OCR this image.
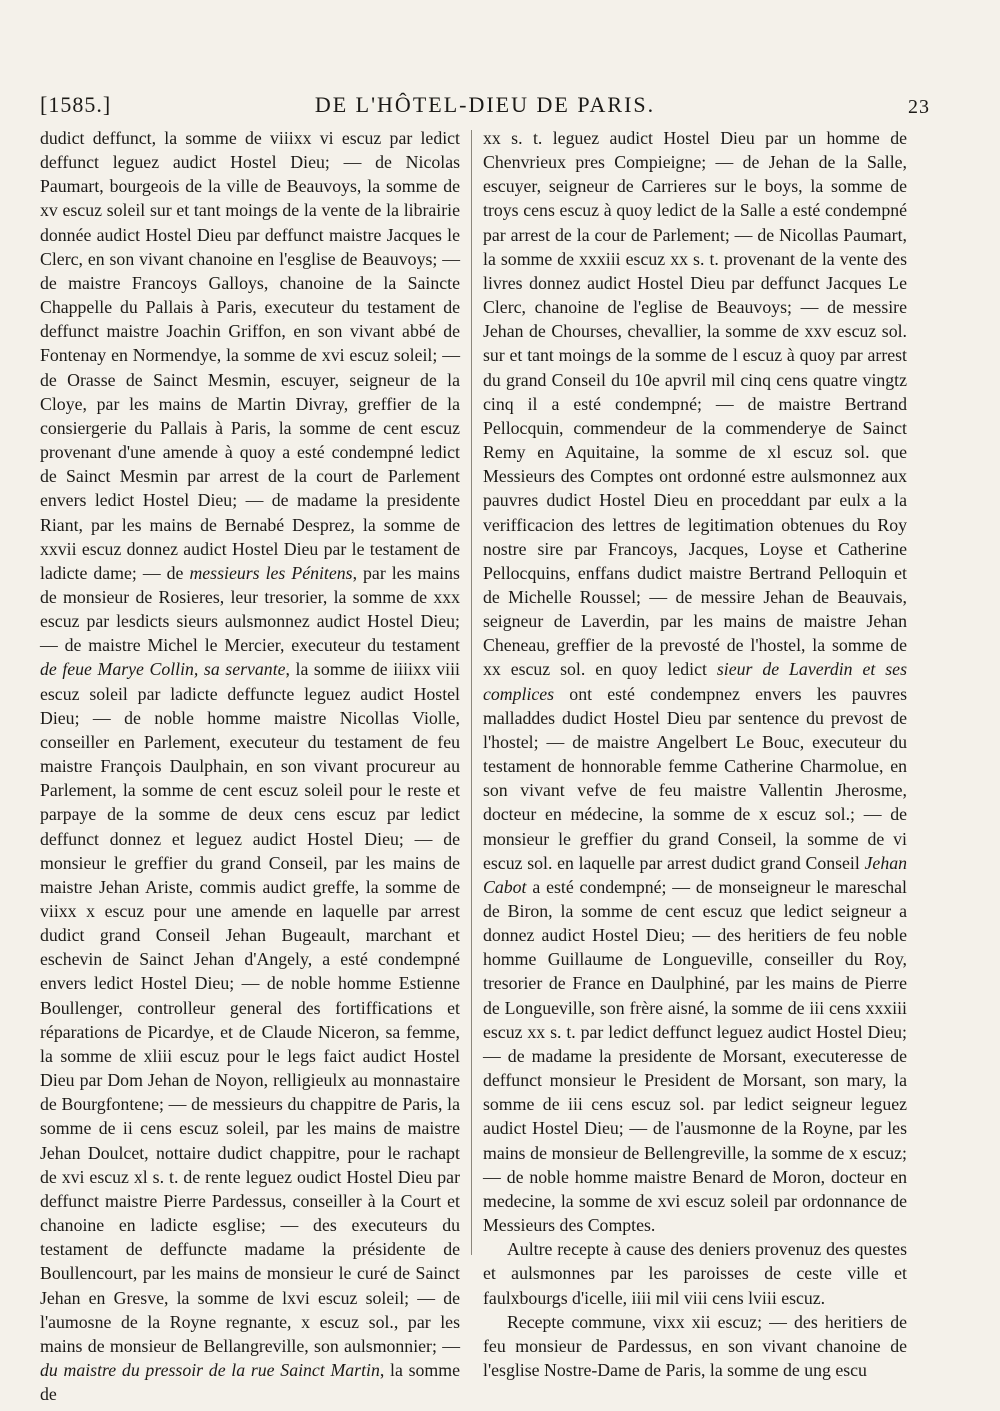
[1585.]	DE L'HÔTEL-DIEU DE PARIS.	23

dudict deffunct, la somme de viiixx vi escuz par ledict deffunct leguez audict Hostel Dieu; — de Nicolas Paumart, bourgeois de la ville de Beauvoys, la somme de xv escuz soleil sur et tant moings de la vente de la librairie donnée audict Hostel Dieu par deffunct maistre Jacques le Clerc, en son vivant chanoine en l'esglise de Beauvoys; — de maistre Francoys Galloys, chanoine de la Saincte Chappelle du Pallais à Paris, executeur du testament de deffunct maistre Joachin Griffon, en son vivant abbé de Fontenay en Normendye, la somme de xvi escuz soleil; — de Orasse de Sainct Mesmin, escuyer, seigneur de la Cloye, par les mains de Martin Divray, greffier de la consiergerie du Pallais à Paris, la somme de cent escuz provenant d'une amende à quoy a esté condempné ledict de Sainct Mesmin par arrest de la court de Parlement envers ledict Hostel Dieu; — de madame la presidente Riant, par les mains de Bernabé Desprez, la somme de xxvii escuz donnez audict Hostel Dieu par le testament de ladicte dame; — de messieurs les Pénitens, par les mains de monsieur de Rosieres, leur tresorier, la somme de xxx escuz par lesdicts sieurs aulsmonnez audict Hostel Dieu; — de maistre Michel le Mercier, executeur du testament de feue Marye Collin, sa servante, la somme de iiiixx viii escuz soleil par ladicte deffuncte leguez audict Hostel Dieu; — de noble homme maistre Nicollas Violle, conseiller en Parlement, executeur du testament de feu maistre François Daulphain, en son vivant procureur au Parlement, la somme de cent escuz soleil pour le reste et parpaye de la somme de deux cens escuz par ledict deffunct donnez et leguez audict Hostel Dieu; — de monsieur le greffier du grand Conseil, par les mains de maistre Jehan Ariste, commis audict greffe, la somme de viixx x escuz pour une amende en laquelle par arrest dudict grand Conseil Jehan Bugeault, marchant et eschevin de Sainct Jehan d'Angely, a esté condempné envers ledict Hostel Dieu; — de noble homme Estienne Boullenger, controlleur general des fortiffications et réparations de Picardye, et de Claude Niceron, sa femme, la somme de xliii escuz pour le legs faict audict Hostel Dieu par Dom Jehan de Noyon, relligieulx au monnastaire de Bourgfontene; — de messieurs du chappitre de Paris, la somme de ii cens escuz soleil, par les mains de maistre Jehan Doulcet, nottaire dudict chappitre, pour le rachapt de xvi escuz xl s. t. de rente leguez oudict Hostel Dieu par deffunct maistre Pierre Pardessus, conseiller à la Court et chanoine en ladicte esglise; — des executeurs du testament de deffuncte madame la présidente de Boullencourt, par les mains de monsieur le curé de Sainct Jehan en Gresve, la somme de lxvi escuz soleil; — de l'aumosne de la Royne regnante, x escuz sol., par les mains de monsieur de Bellangreville, son aulsmonnier; — du maistre du pressoir de la rue Sainct Martin, la somme de

xx s. t. leguez audict Hostel Dieu par un homme de Chenvrieux pres Compieigne; — de Jehan de la Salle, escuyer, seigneur de Carrieres sur le boys, la somme de troys cens escuz à quoy ledict de la Salle a esté condempné par arrest de la cour de Parlement; — de Nicollas Paumart, la somme de xxxiii escuz xx s. t. provenant de la vente des livres donnez audict Hostel Dieu par deffunct Jacques Le Clerc, chanoine de l'eglise de Beauvoys; — de messire Jehan de Chourses, chevallier, la somme de xxv escuz sol. sur et tant moings de la somme de l escuz à quoy par arrest du grand Conseil du 10e apvril mil cinq cens quatre vingtz cinq il a esté condempné; — de maistre Bertrand Pellocquin, commendeur de la commenderye de Sainct Remy en Aquitaine, la somme de xl escuz sol. que Messieurs des Comptes ont ordonné estre aulsmonnez aux pauvres dudict Hostel Dieu en proceddant par eulx a la verifficacion des lettres de legitimation obtenues du Roy nostre sire par Francoys, Jacques, Loyse et Catherine Pellocquins, enffans dudict maistre Bertrand Pelloquin et de Michelle Roussel; — de messire Jehan de Beauvais, seigneur de Laverdin, par les mains de maistre Jehan Cheneau, greffier de la prevosté de l'hostel, la somme de xx escuz sol. en quoy ledict sieur de Laverdin et ses complices ont esté condempnez envers les pauvres malladdes dudict Hostel Dieu par sentence du prevost de l'hostel; — de maistre Angelbert Le Bouc, executeur du testament de honnorable femme Catherine Charmolue, en son vivant vefve de feu maistre Vallentin Jherosme, docteur en médecine, la somme de x escuz sol.; — de monsieur le greffier du grand Conseil, la somme de vi escuz sol. en laquelle par arrest dudict grand Conseil Jehan Cabot a esté condempné; — de monseigneur le mareschal de Biron, la somme de cent escuz que ledict seigneur a donnez audict Hostel Dieu; — des heritiers de feu noble homme Guillaume de Longueville, conseiller du Roy, tresorier de France en Daulphiné, par les mains de Pierre de Longueville, son frère aisné, la somme de iii cens xxxiii escuz xx s. t. par ledict deffunct leguez audict Hostel Dieu; — de madame la presidente de Morsant, executeresse de deffunct monsieur le President de Morsant, son mary, la somme de iii cens escuz sol. par ledict seigneur leguez audict Hostel Dieu; — de l'ausmonne de la Royne, par les mains de monsieur de Bellengreville, la somme de x escuz; — de noble homme maistre Benard de Moron, docteur en medecine, la somme de xvi escuz soleil par ordonnance de Messieurs des Comptes.

Aultre recepte à cause des deniers provenuz des questes et aulsmonnes par les paroisses de ceste ville et faulxbourgs d'icelle, iiii mil viii cens lviii escuz.

Recepte commune, vixx xii escuz; — des heritiers de feu monsieur de Pardessus, en son vivant chanoine de l'esglise Nostre-Dame de Paris, la somme de ung escu
